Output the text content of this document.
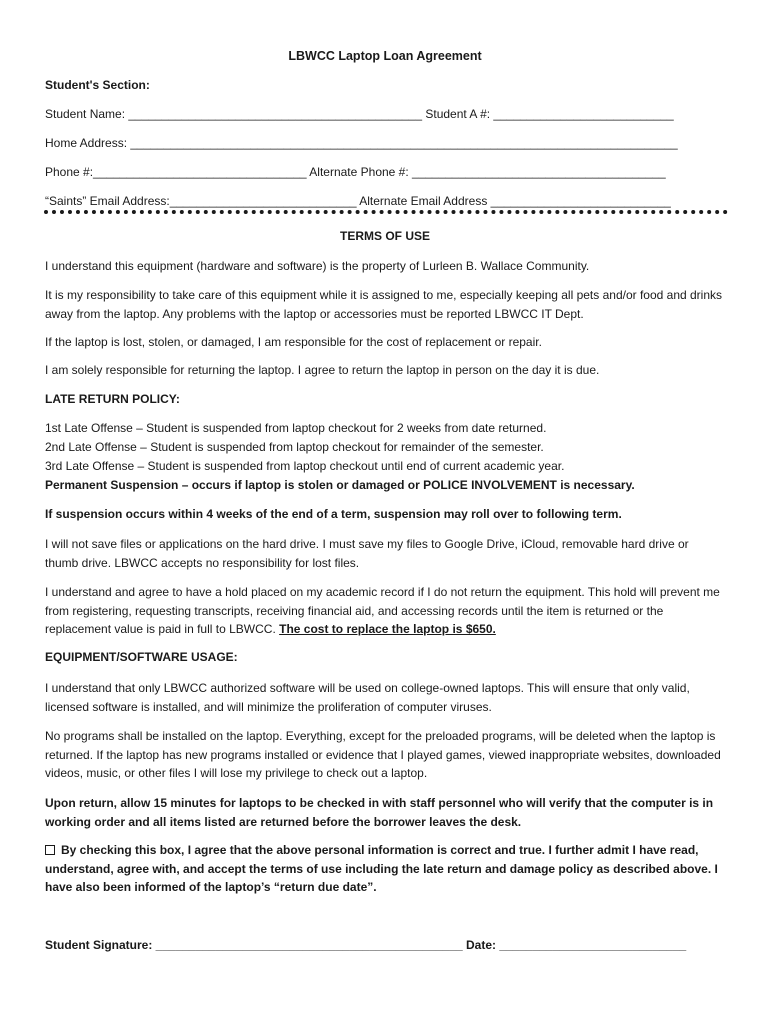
LBWCC Laptop Loan Agreement
Student's Section:
Student Name: ____________________________________________ Student A #: ___________________________
Home Address: __________________________________________________________________________________
Phone #:________________________________ Alternate Phone #: ______________________________________
“Saints” Email Address:____________________________ Alternate Email Address ___________________________
TERMS OF USE
I understand this equipment (hardware and software) is the property of Lurleen B. Wallace Community.
It is my responsibility to take care of this equipment while it is assigned to me, especially keeping all pets and/or food and drinks away from the laptop. Any problems with the laptop or accessories must be reported LBWCC IT Dept.
If the laptop is lost, stolen, or damaged, I am responsible for the cost of replacement or repair.
I am solely responsible for returning the laptop. I agree to return the laptop in person on the day it is due.
LATE RETURN POLICY:
1st Late Offense – Student is suspended from laptop checkout for 2 weeks from date returned.
2nd Late Offense – Student is suspended from laptop checkout for remainder of the semester.
3rd Late Offense – Student is suspended from laptop checkout until end of current academic year.
Permanent Suspension – occurs if laptop is stolen or damaged or POLICE INVOLVEMENT is necessary.
If suspension occurs within 4 weeks of the end of a term, suspension may roll over to following term.
I will not save files or applications on the hard drive. I must save my files to Google Drive, iCloud, removable hard drive or thumb drive. LBWCC accepts no responsibility for lost files.
I understand and agree to have a hold placed on my academic record if I do not return the equipment. This hold will prevent me from registering, requesting transcripts, receiving financial aid, and accessing records until the item is returned or the replacement value is paid in full to LBWCC. The cost to replace the laptop is $650.
EQUIPMENT/SOFTWARE USAGE:
I understand that only LBWCC authorized software will be used on college-owned laptops. This will ensure that only valid, licensed software is installed, and will minimize the proliferation of computer viruses.
No programs shall be installed on the laptop. Everything, except for the preloaded programs, will be deleted when the laptop is returned. If the laptop has new programs installed or evidence that I played games, viewed inappropriate websites, downloaded videos, music, or other files I will lose my privilege to check out a laptop.
Upon return, allow 15 minutes for laptops to be checked in with staff personnel who will verify that the computer is in working order and all items listed are returned before the borrower leaves the desk.
By checking this box, I agree that the above personal information is correct and true. I further admit I have read, understand, agree with, and accept the terms of use including the late return and damage policy as described above. I have also been informed of the laptop’s “return due date”.
Student Signature: ______________________________________________ Date: ____________________________
